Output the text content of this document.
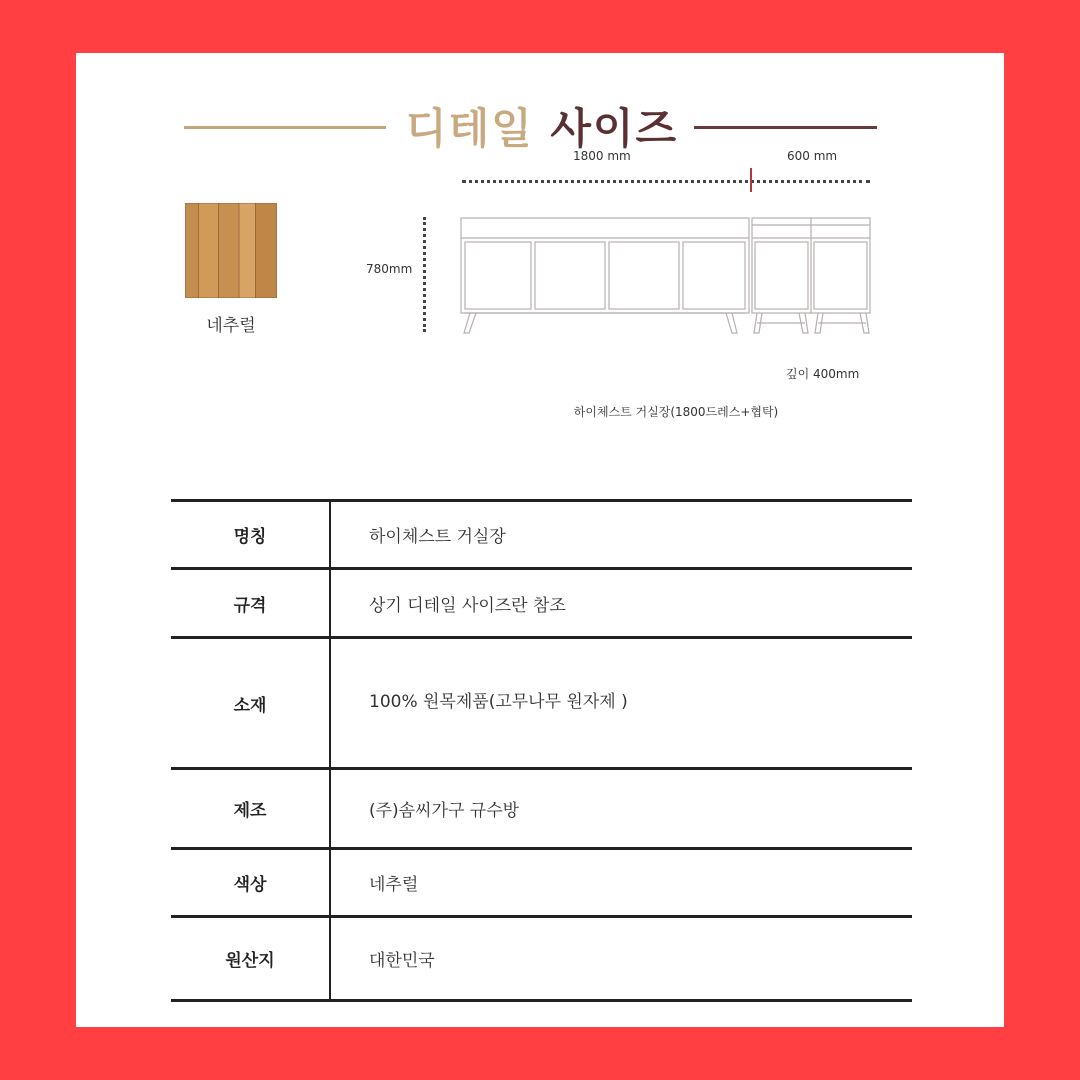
디테일 사이즈
네추럴
1800 mm	600 mm
780mm
깊이 400mm
하이체스트 거실장(1800드레스+협탁)
명칭	하이체스트 거실장
규격	상기 디테일 사이즈란 참조
소재	100% 원목제품(고무나무 원자제 )
제조	(주)솜씨가구 규수방
색상	네추럴
원산지	대한민국
